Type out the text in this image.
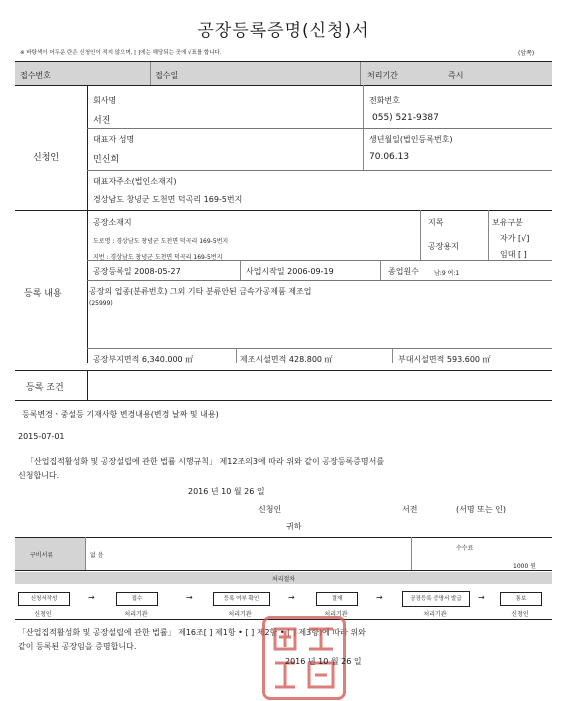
공장등록증명(신청)서
※ 바탕색이 어두운 란은 신청인이 적지 않으며, [ ]에는 해당되는 곳에 √표를 합니다.	(앞쪽)
접수번호	접수일	처리기간	즉시
신청인
회사명
서진
전화번호
055) 521-9387
대표자 성명
민신희
생년월일(법인등록번호)
70.06.13
대표자주소(법인소재지)
경상남도 창녕군 도천면 덕곡리 169-5번지
등록 내용
공장소재지
도로명 : 경상남도 창녕군 도천면 덕곡리 169-5번지
지번 : 경상남도 창녕군 도천면 덕곡리 169-5번지
지목
공장용지
보유구분
자가 [√]
임대 [ ]
공장등록일 2008-05-27	사업시작일 2006-09-19	종업원수	남:9 여:1
공장의 업종(분류번호) 그외 기타 분류안된 금속가공제품 제조업
(25999)
공장부지면적 6,340.000 ㎡	제조시설면적 428.800 ㎡	부대시설면적 593.600 ㎡
등록 조건
등록변경ㆍ중설등 기재사항 변경내용(변경 날짜 및 내용)
2015-07-01
「산업집적활성화 및 공장설립에 관한 법률 시행규칙」 제12조의3에 따라 위와 같이 공장등록증명서를
신청합니다.
2016 년 10 월 26 일
신청인	서전	(서명 또는 인)
귀하
구비서류	없 음
수수료
1000 원
처리절차
신청서작성	접수	등록 여부 확인	결재	공장등록 증명서 발급	통보
→	→	→	→	→
신청인	처리기관	처리기관	처리기관	처리기관	신청인
「산업집적활성화 및 공장설립에 관한 법률」 제16조[ ] 제1항 • [ ] 제2항 • [ ] 제3항)에 따라 위와
같이 등록된 공장임을 증명합니다.
2016 년 10 월 26 일
